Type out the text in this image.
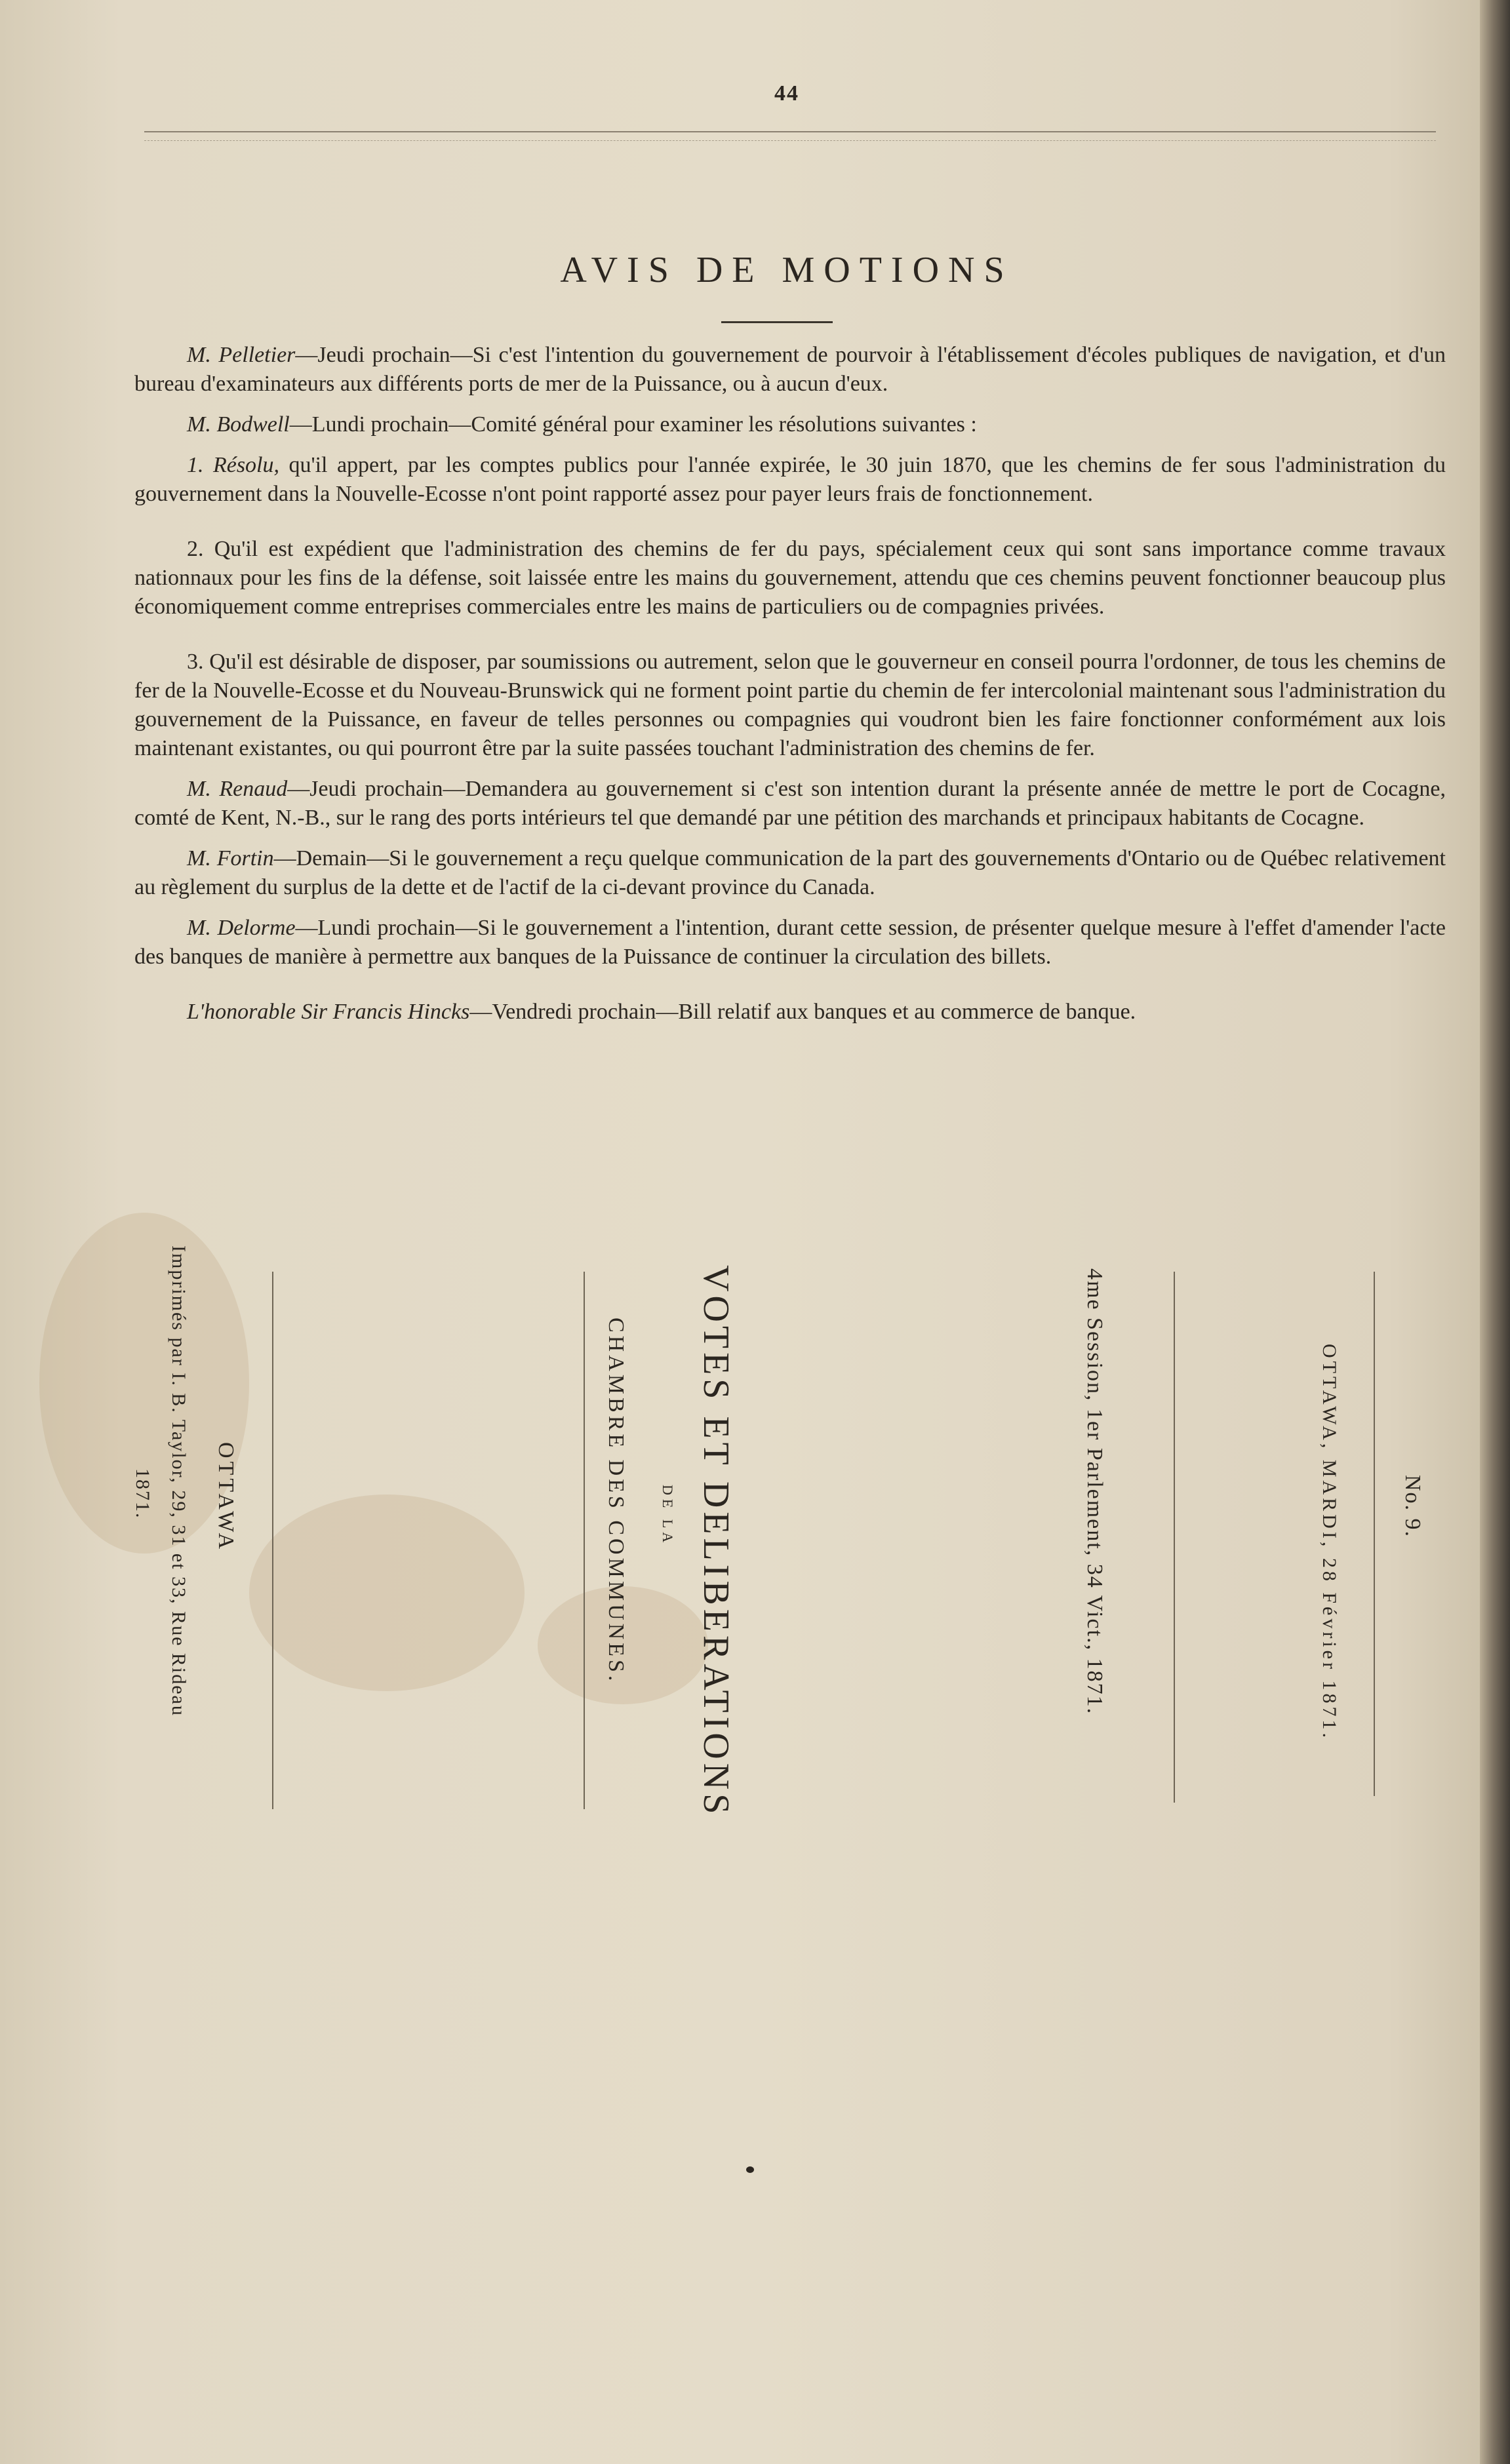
44
AVIS DE MOTIONS

M. Pelletier—Jeudi prochain—Si c'est l'intention du gouvernement de pourvoir à l'établissement d'écoles publiques de navigation, et d'un bureau d'examinateurs aux différents ports de mer de la Puissance, ou à aucun d'eux.

M. Bodwell—Lundi prochain—Comité général pour examiner les résolutions suivantes :

1. Résolu, qu'il appert, par les comptes publics pour l'année expirée, le 30 juin 1870, que les chemins de fer sous l'administration du gouvernement dans la Nouvelle-Ecosse n'ont point rapporté assez pour payer leurs frais de fonctionnement.

2. Qu'il est expédient que l'administration des chemins de fer du pays, spécialement ceux qui sont sans importance comme travaux nationnaux pour les fins de la défense, soit laissée entre les mains du gouvernement, attendu que ces chemins peuvent fonctionner beaucoup plus économiquement comme entreprises commerciales entre les mains de particuliers ou de compagnies privées.

3. Qu'il est désirable de disposer, par soumissions ou autrement, selon que le gouverneur en conseil pourra l'ordonner, de tous les chemins de fer de la Nouvelle-Ecosse et du Nouveau-Brunswick qui ne forment point partie du chemin de fer intercolonial maintenant sous l'administration du gouvernement de la Puissance, en faveur de telles personnes ou compagnies qui voudront bien les faire fonctionner conformément aux lois maintenant existantes, ou qui pourront être par la suite passées touchant l'administration des chemins de fer.

M. Renaud—Jeudi prochain—Demandera au gouvernement si c'est son intention durant la présente année de mettre le port de Cocagne, comté de Kent, N.-B., sur le rang des ports intérieurs tel que demandé par une pétition des marchands et principaux habitants de Cocagne.

M. Fortin—Demain—Si le gouvernement a reçu quelque communication de la part des gouvernements d'Ontario ou de Québec relativement au règlement du surplus de la dette et de l'actif de la ci-devant province du Canada.

M. Delorme—Lundi prochain—Si le gouvernement a l'intention, durant cette session, de présenter quelque mesure à l'effet d'amender l'acte des banques de manière à permettre aux banques de la Puissance de continuer la circulation des billets.

L'honorable Sir Francis Hincks—Vendredi prochain—Bill relatif aux banques et au commerce de banque.

No. 9.
OTTAWA, MARDI, 28 Février 1871.
4me Session, 1er Parlement, 34 Vict., 1871.
VOTES ET DELIBERATIONS
DE LA
CHAMBRE DES COMMUNES.
OTTAWA
Imprimés par I. B. Taylor, 29, 31 et 33, Rue Rideau
1871.
